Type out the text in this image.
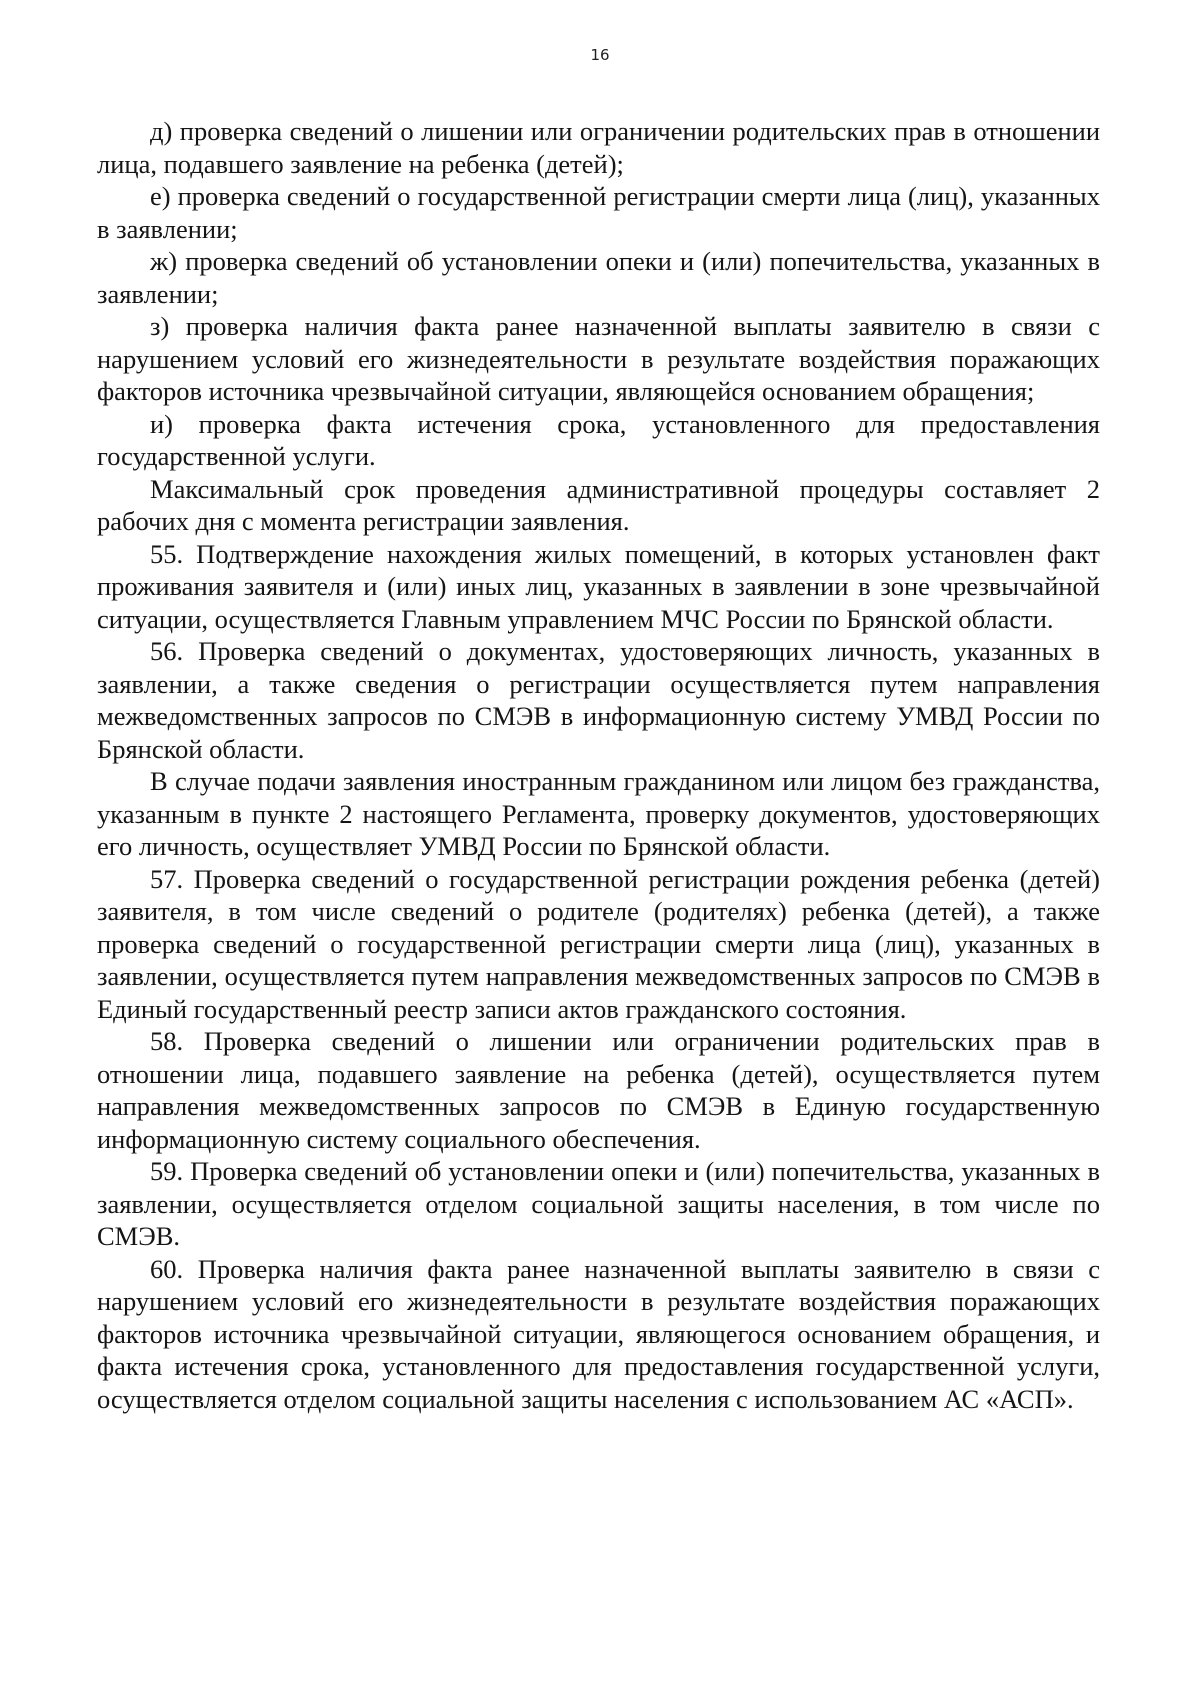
16

д) проверка сведений о лишении или ограничении родительских прав в отношении лица, подавшего заявление на ребенка (детей);

е) проверка сведений о государственной регистрации смерти лица (лиц), указанных в заявлении;

ж) проверка сведений об установлении опеки и (или) попечительства, указанных в заявлении;

з) проверка наличия факта ранее назначенной выплаты заявителю в связи с нарушением условий его жизнедеятельности в результате воздействия поражающих факторов источника чрезвычайной ситуации, являющейся основанием обращения;

и) проверка факта истечения срока, установленного для предоставления государственной услуги.

Максимальный срок проведения административной процедуры составляет 2 рабочих дня с момента регистрации заявления.

55. Подтверждение нахождения жилых помещений, в которых установлен факт проживания заявителя и (или) иных лиц, указанных в заявлении в зоне чрезвычайной ситуации, осуществляется Главным управлением МЧС России по Брянской области.

56. Проверка сведений о документах, удостоверяющих личность, указанных в заявлении, а также сведения о регистрации осуществляется путем направления межведомственных запросов по СМЭВ в информационную систему УМВД России по Брянской области.

В случае подачи заявления иностранным гражданином или лицом без гражданства, указанным в пункте 2 настоящего Регламента, проверку документов, удостоверяющих его личность, осуществляет УМВД России по Брянской области.

57. Проверка сведений о государственной регистрации рождения ребенка (детей) заявителя, в том числе сведений о родителе (родителях) ребенка (детей), а также проверка сведений о государственной регистрации смерти лица (лиц), указанных в заявлении, осуществляется путем направления межведомственных запросов по СМЭВ в Единый государственный реестр записи актов гражданского состояния.

58. Проверка сведений о лишении или ограничении родительских прав в отношении лица, подавшего заявление на ребенка (детей), осуществляется путем направления межведомственных запросов по СМЭВ в Единую государственную информационную систему социального обеспечения.

59. Проверка сведений об установлении опеки и (или) попечительства, указанных в заявлении, осуществляется отделом социальной защиты населения, в том числе по СМЭВ.

60. Проверка наличия факта ранее назначенной выплаты заявителю в связи с нарушением условий его жизнедеятельности в результате воздействия поражающих факторов источника чрезвычайной ситуации, являющегося основанием обращения, и факта истечения срока, установленного для предоставления государственной услуги, осуществляется отделом социальной защиты населения с использованием АС «АСП».
